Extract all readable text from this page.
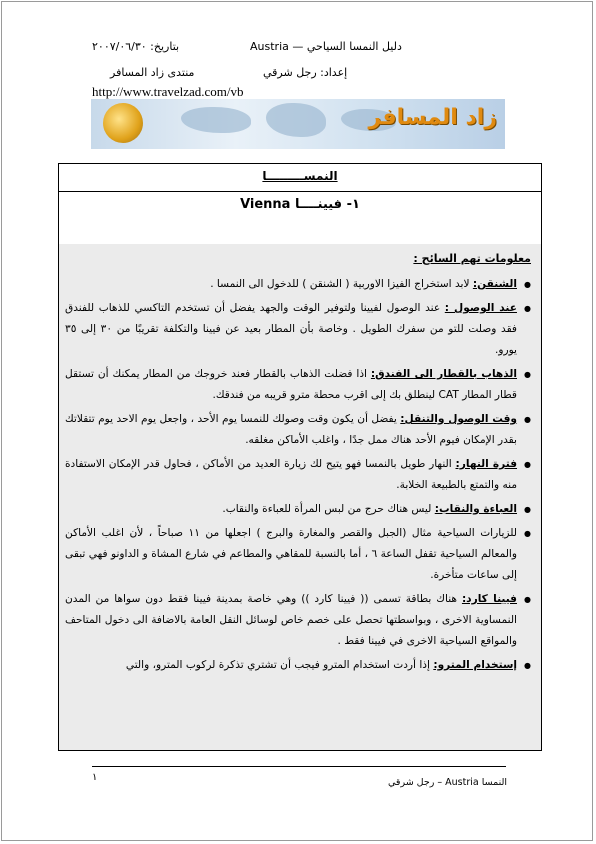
دليل النمسا السياحي — Austria
بتاريخ: ٢٠٠٧/٠٦/٣٠
إعداد: رجل شرقي
منتدى زاد المسافر
http://www.travelzad.com/vb
زاد المسافر
النمســـــــــا
١- فيينــــا Vienna
معلومات تهم السائح :
● الشنقن: لابد استخراج الفيزا الاوربية ( الشنقن ) للدخول الى النمسا .
● عند الوصول : عند الوصول لفيينا ولتوفير الوقت والجهد يفضل أن تستخدم التاكسي للذهاب للفندق فقد وصلت للتو من سفرك الطويل . وخاصة بأن المطار بعيد عن فيينا والتكلفة تقريبًا من ٣٠ إلى ٣٥ يورو.
● الذهاب بالقطار الى الفندق: اذا فضلت الذهاب بالقطار فعند خروجك من المطار يمكنك أن تستقل قطار المطار CAT لينطلق بك إلى اقرب محطة مترو قريبه من فندقك.
● وقت الوصول والتنقل: يفضل أن يكون وقت وصولك للنمسا يوم الأحد ، واجعل يوم الاحد يوم تتقلاتك بقدر الإمكان فيوم الأحد هناك ممل جدًا ، واغلب الأماكن مغلقه.
● فترة النهار: النهار طويل بالنمسا فهو يتيح لك زيارة العديد من الأماكن ، فحاول قدر الإمكان الاستفادة منه والتمتع بالطبيعة الخلابة.
● العباءة والنقاب: ليس هناك حرج من لبس المرأة للعباءة والنقاب.
● للزيارات السياحية مثال (الجبل والقصر والمغارة والبرج ) اجعلها من ١١ صباحاً ، لأن اغلب الأماكن والمعالم السياحية تقفل الساعة ٦ ، أما بالنسبة للمقاهي والمطاعم في شارع المشاة و الداونو فهي تبقى إلى ساعات متأخرة.
● فيينا كارد: هناك بطاقة تسمى (( فيينا كارد )) وهي خاصة بمدينة فيينا فقط دون سواها من المدن النمساوية الاخرى ، وبواسطتها تحصل على خصم خاص لوسائل النقل العامة بالاضافة الى دخول المتاحف والمواقع السياحية الاخرى في فيينا فقط .
● إستخدام المترو: إذا أردت استخدام المترو فيجب أن تشتري تذكرة لركوب المترو، والتي
النمسا Austria – رجل شرقي
١
